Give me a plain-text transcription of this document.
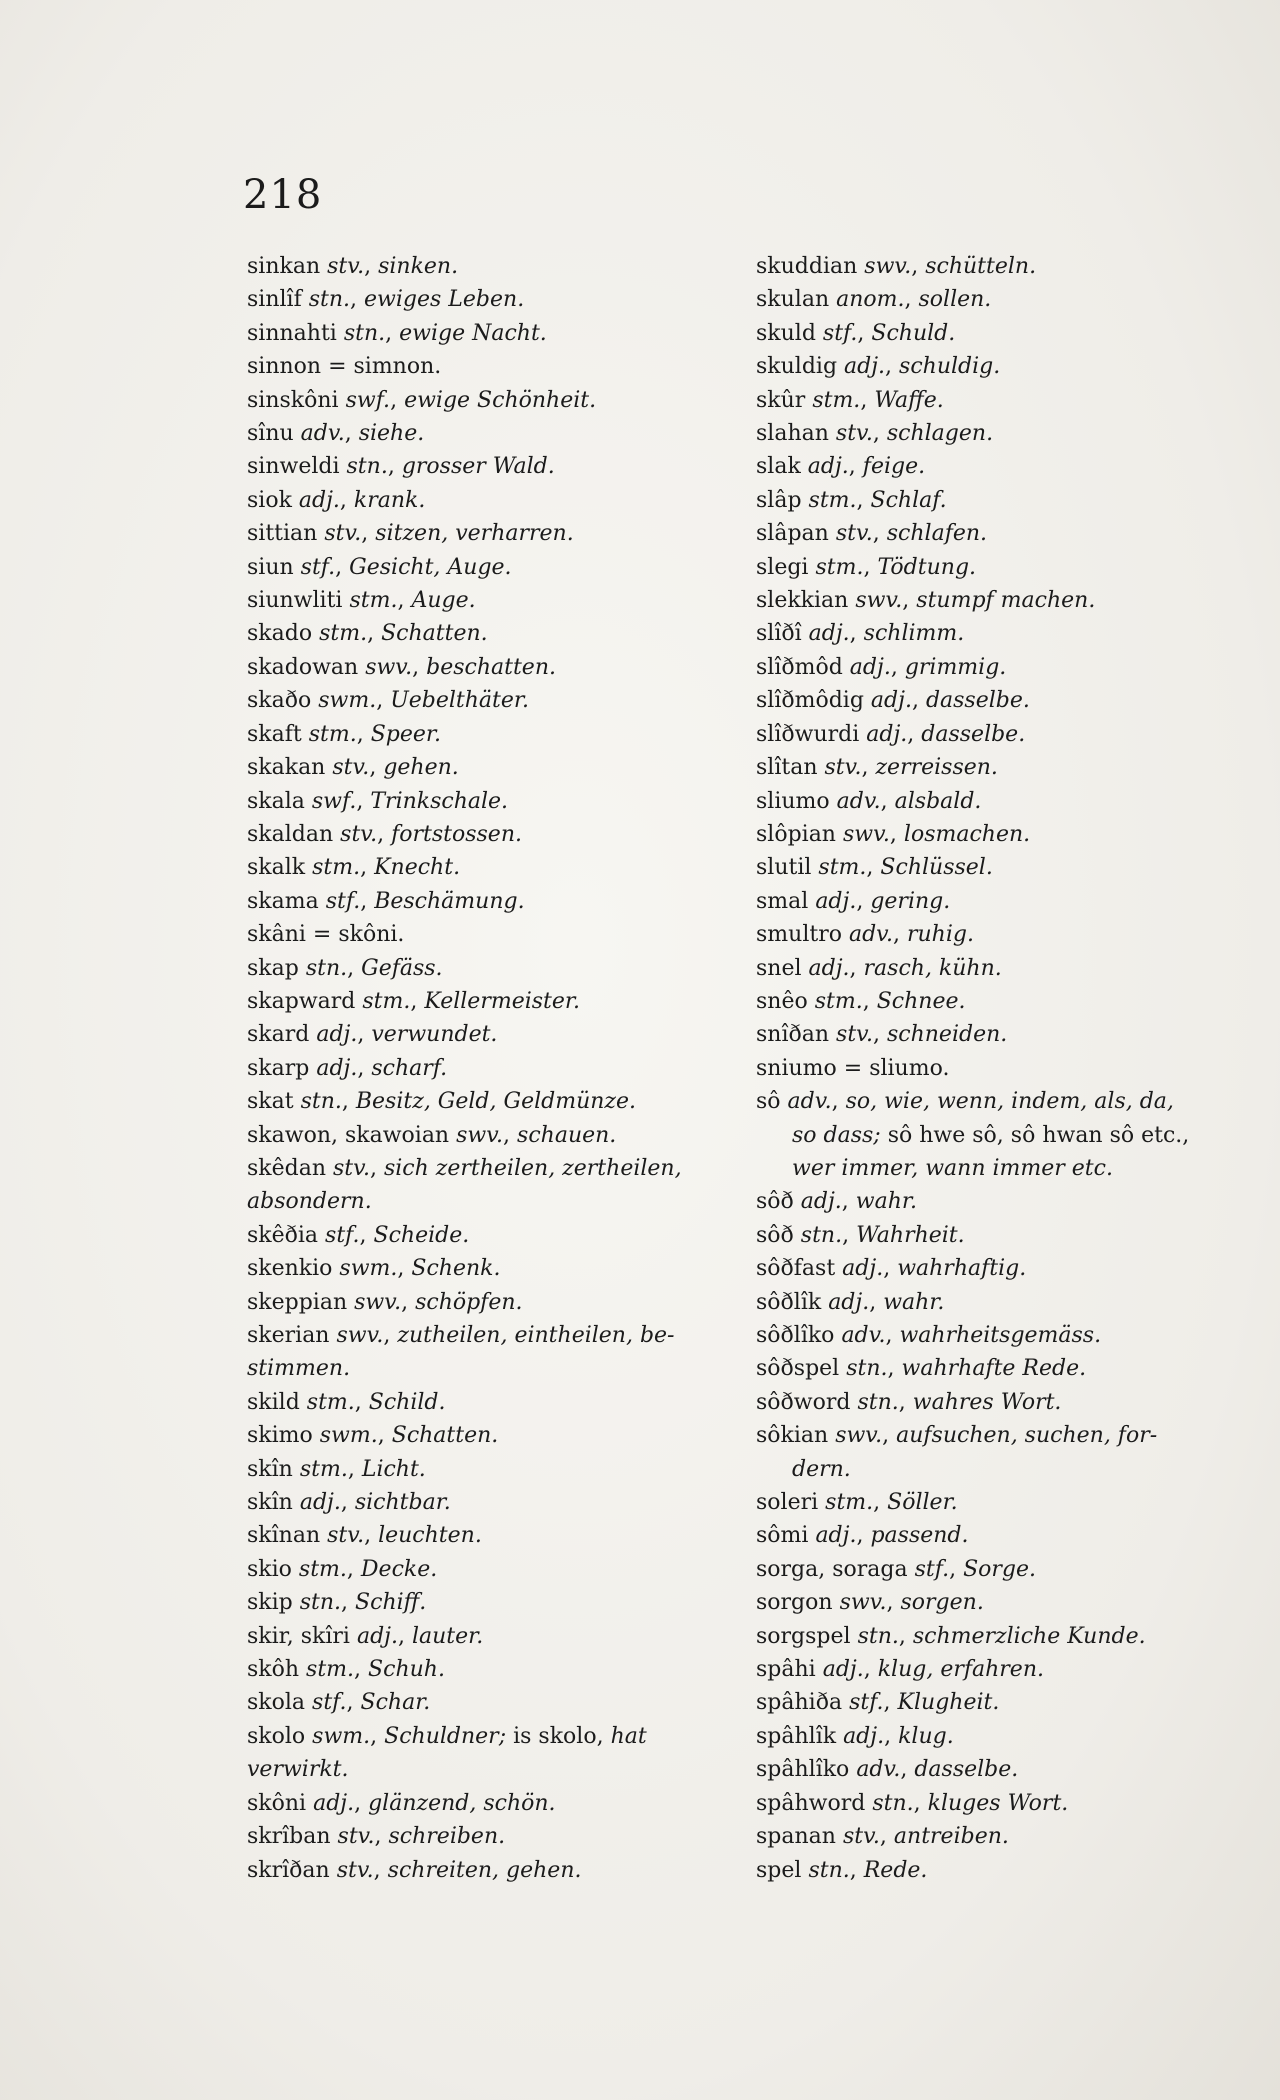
218
sinkan stv., sinken.
sinlîf stn., ewiges Leben.
sinnahti stn., ewige Nacht.
sinnon = simnon.
sinskôni swf., ewige Schönheit.
sînu adv., siehe.
sinweldi stn., grosser Wald.
siok adj., krank.
sittian stv., sitzen, verharren.
siun stf., Gesicht, Auge.
siunwliti stm., Auge.
skado stm., Schatten.
skadowan swv., beschatten.
skaðo swm., Uebelthäter.
skaft stm., Speer.
skakan stv., gehen.
skala swf., Trinkschale.
skaldan stv., fortstossen.
skalk stm., Knecht.
skama stf., Beschämung.
skâni = skôni.
skap stn., Gefäss.
skapward stm., Kellermeister.
skard adj., verwundet.
skarp adj., scharf.
skat stn., Besitz, Geld, Geldmünze.
skawon, skawoian swv., schauen.
skêdan stv., sich zertheilen, zertheilen,
absondern.
skêðia stf., Scheide.
skenkio swm., Schenk.
skeppian swv., schöpfen.
skerian swv., zutheilen, eintheilen, be-
stimmen.
skild stm., Schild.
skimo swm., Schatten.
skîn stm., Licht.
skîn adj., sichtbar.
skînan stv., leuchten.
skio stm., Decke.
skip stn., Schiff.
skir, skîri adj., lauter.
skôh stm., Schuh.
skola stf., Schar.
skolo swm., Schuldner; is skolo, hat
verwirkt.
skôni adj., glänzend, schön.
skrîban stv., schreiben.
skrîðan stv., schreiten, gehen.
skuddian swv., schütteln.
skulan anom., sollen.
skuld stf., Schuld.
skuldig adj., schuldig.
skûr stm., Waffe.
slahan stv., schlagen.
slak adj., feige.
slâp stm., Schlaf.
slâpan stv., schlafen.
slegi stm., Tödtung.
slekkian swv., stumpf machen.
slîðî adj., schlimm.
slîðmôd adj., grimmig.
slîðmôdig adj., dasselbe.
slîðwurdi adj., dasselbe.
slîtan stv., zerreissen.
sliumo adv., alsbald.
slôpian swv., losmachen.
slutil stm., Schlüssel.
smal adj., gering.
smultro adv., ruhig.
snel adj., rasch, kühn.
snêo stm., Schnee.
snîðan stv., schneiden.
sniumo = sliumo.
sô adv., so, wie, wenn, indem, als, da,
so dass; sô hwe sô, sô hwan sô etc.,
wer immer, wann immer etc.
sôð adj., wahr.
sôð stn., Wahrheit.
sôðfast adj., wahrhaftig.
sôðlîk adj., wahr.
sôðlîko adv., wahrheitsgemäss.
sôðspel stn., wahrhafte Rede.
sôðword stn., wahres Wort.
sôkian swv., aufsuchen, suchen, for-
dern.
soleri stm., Söller.
sômi adj., passend.
sorga, soraga stf., Sorge.
sorgon swv., sorgen.
sorgspel stn., schmerzliche Kunde.
spâhi adj., klug, erfahren.
spâhiða stf., Klugheit.
spâhlîk adj., klug.
spâhlîko adv., dasselbe.
spâhword stn., kluges Wort.
spanan stv., antreiben.
spel stn., Rede.
